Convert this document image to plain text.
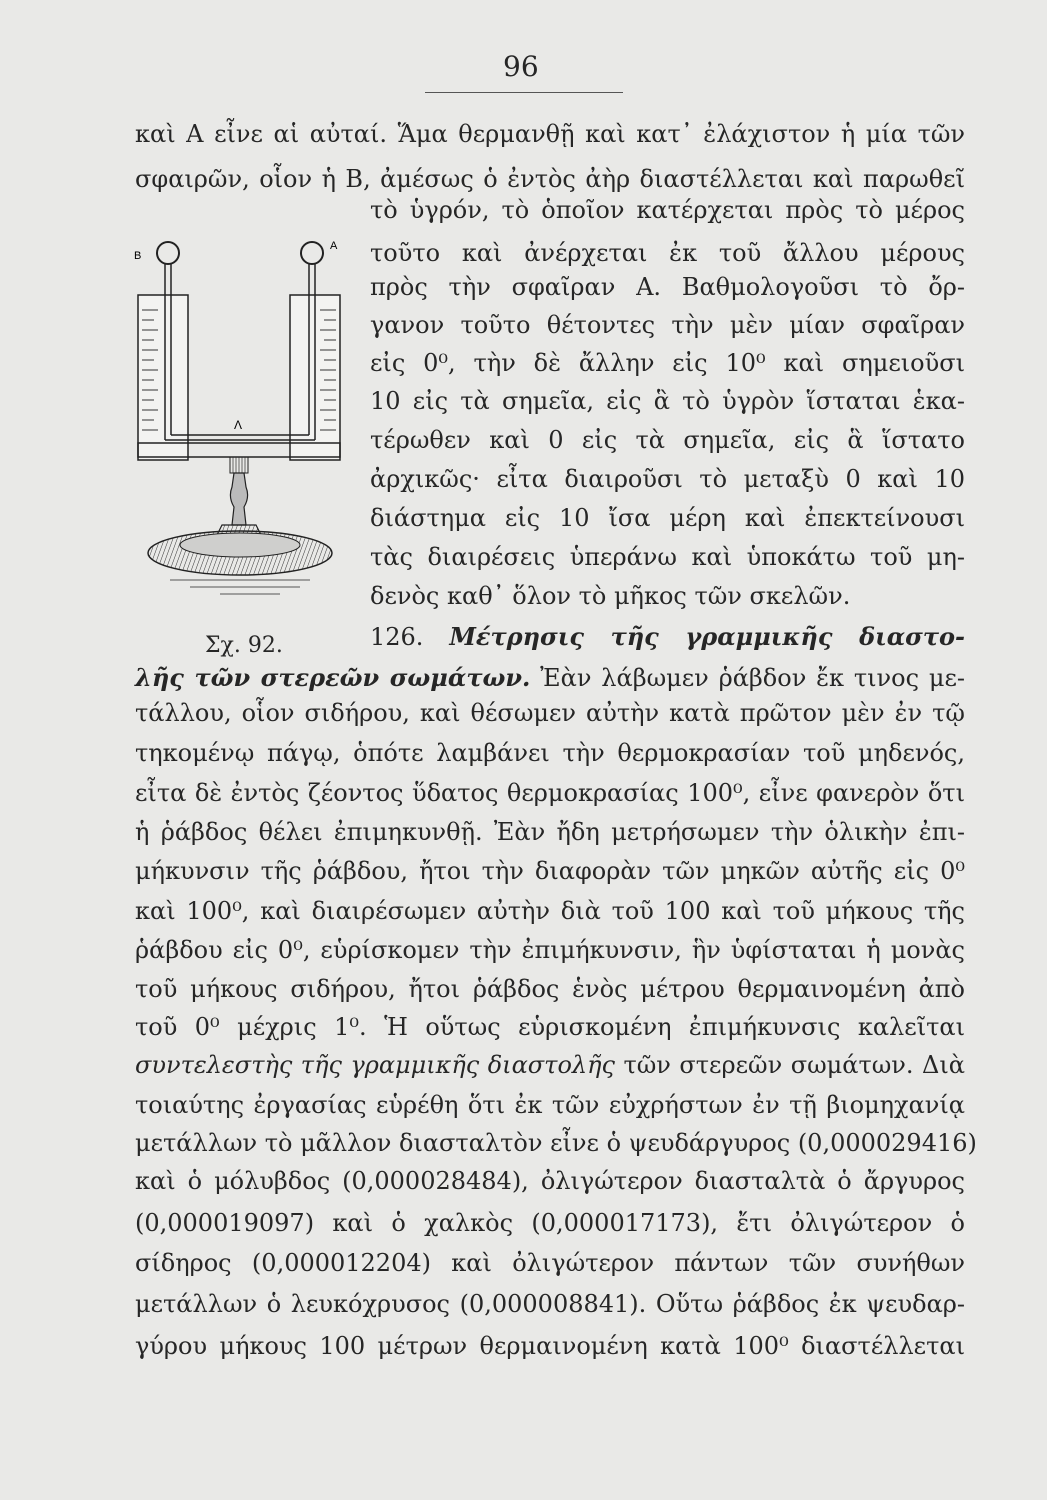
96
καὶ Α εἶνε αἱ αὐταί. Ἅμα θερμανθῇ καὶ κατ᾽ ἐλάχιστον ἡ μία τῶν
σφαιρῶν, οἷον ἡ Β, ἀμέσως ὁ ἐντὸς ἀὴρ διαστέλλεται καὶ παρωθεῖ
τὸ ὑγρόν, τὸ ὁποῖον κατέρχεται πρὸς τὸ μέρος
τοῦτο καὶ ἀνέρχεται ἐκ τοῦ ἄλλου μέρους
πρὸς τὴν σφαῖραν Α. Βαθμολογοῦσι τὸ ὄρ-
γανον τοῦτο θέτοντες τὴν μὲν μίαν σφαῖραν
εἰς 0⁰, τὴν δὲ ἄλλην εἰς 10⁰ καὶ σημειοῦσι
10 εἰς τὰ σημεῖα, εἰς ἃ τὸ ὑγρὸν ἵσταται ἑκα-
τέρωθεν καὶ 0 εἰς τὰ σημεῖα, εἰς ἃ ἵστατο
ἀρχικῶς· εἶτα διαιροῦσι τὸ μεταξὺ 0 καὶ 10
διάστημα εἰς 10 ἴσα μέρη καὶ ἐπεκτείνουσι
τὰς διαιρέσεις ὑπεράνω καὶ ὑποκάτω τοῦ μη-
δενὸς καθ᾽ ὅλον τὸ μῆκος τῶν σκελῶν.
126. Μέτρησις τῆς γραμμικῆς διαστο-
λῆς τῶν στερεῶν σωμάτων. Ἐὰν λάβωμεν ῥάβδον ἔκ τινος με-
τάλλου, οἷον σιδήρου, καὶ θέσωμεν αὐτὴν κατὰ πρῶτον μὲν ἐν τῷ
τηκομένῳ πάγῳ, ὁπότε λαμβάνει τὴν θερμοκρασίαν τοῦ μηδενός,
εἶτα δὲ ἐντὸς ζέοντος ὕδατος θερμοκρασίας 100⁰, εἶνε φανερὸν ὅτι
ἡ ῥάβδος θέλει ἐπιμηκυνθῇ. Ἐὰν ἤδη μετρήσωμεν τὴν ὁλικὴν ἐπι-
μήκυνσιν τῆς ῥάβδου, ἤτοι τὴν διαφορὰν τῶν μηκῶν αὐτῆς εἰς 0⁰
καὶ 100⁰, καὶ διαιρέσωμεν αὐτὴν διὰ τοῦ 100 καὶ τοῦ μήκους τῆς
ῥάβδου εἰς 0⁰, εὑρίσκομεν τὴν ἐπιμήκυνσιν, ἣν ὑφίσταται ἡ μονὰς
τοῦ μήκους σιδήρου, ἤτοι ῥάβδος ἑνὸς μέτρου θερμαινομένη ἀπὸ
τοῦ 0⁰ μέχρις 1⁰. Ἡ οὕτως εὑρισκομένη ἐπιμήκυνσις καλεῖται
συντελεστὴς τῆς γραμμικῆς διαστολῆς τῶν στερεῶν σωμάτων. Διὰ
τοιαύτης ἐργασίας εὑρέθη ὅτι ἐκ τῶν εὐχρήστων ἐν τῇ βιομηχανίᾳ
μετάλλων τὸ μᾶλλον διασταλτὸν εἶνε ὁ ψευδάργυρος (0,000029416)
καὶ ὁ μόλυβδος (0,000028484), ὀλιγώτερον διασταλτὰ ὁ ἄργυρος
(0,000019097) καὶ ὁ χαλκὸς (0,000017173), ἔτι ὀλιγώτερον ὁ
σίδηρος (0,000012204) καὶ ὀλιγώτερον πάντων τῶν συνήθων
μετάλλων ὁ λευκόχρυσος (0,000008841). Οὕτω ῥάβδος ἐκ ψευδαρ-
γύρου μήκους 100 μέτρων θερμαινομένη κατὰ 100⁰ διαστέλλεται
B
A
Λ
Σχ. 92.
